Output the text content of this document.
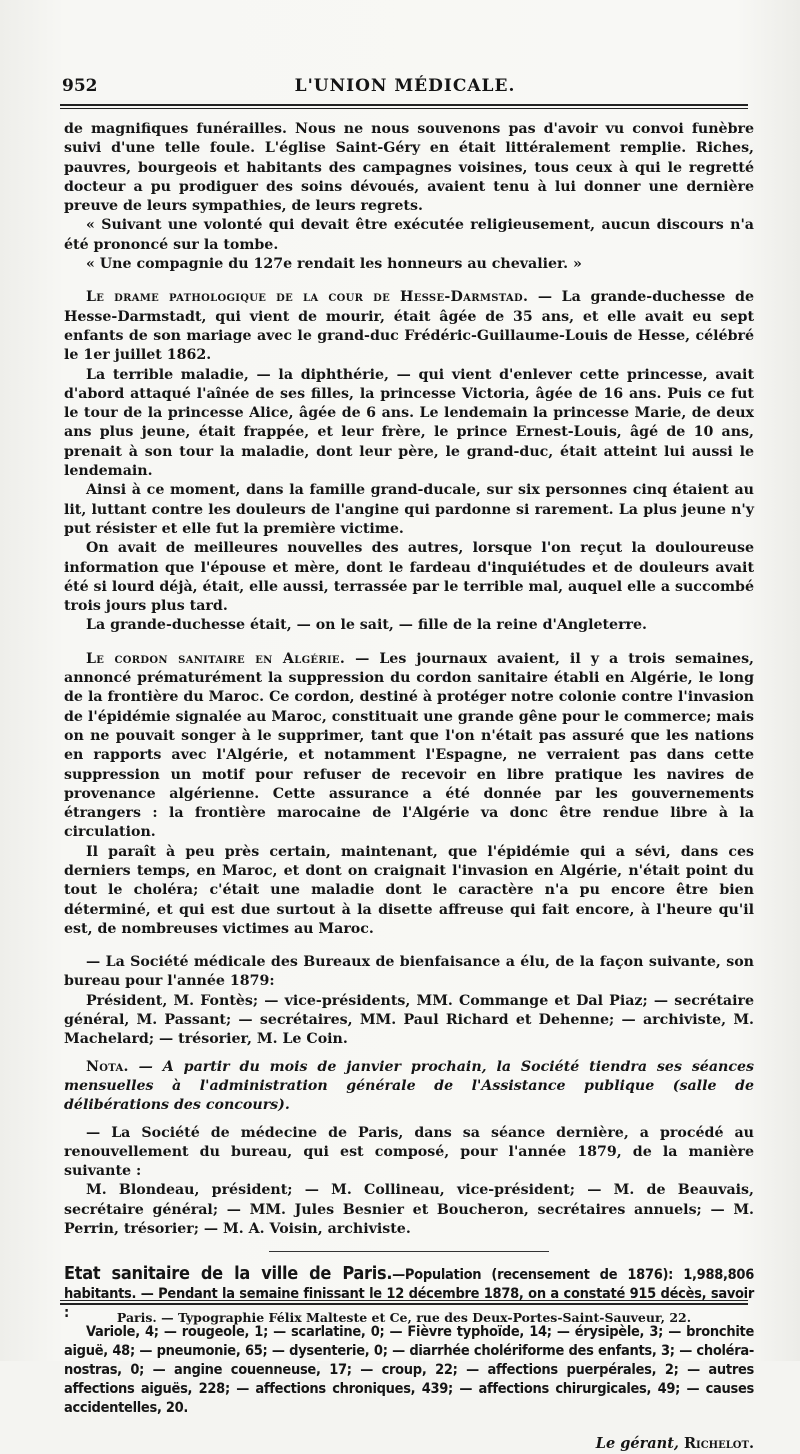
952	L'UNION MÉDICALE.

de magnifiques funérailles. Nous ne nous souvenons pas d'avoir vu convoi funèbre suivi d'une telle foule. L'église Saint-Géry en était littéralement remplie. Riches, pauvres, bourgeois et habitants des campagnes voisines, tous ceux à qui le regretté docteur a pu prodiguer des soins dévoués, avaient tenu à lui donner une dernière preuve de leurs sympathies, de leurs regrets.

« Suivant une volonté qui devait être exécutée religieusement, aucun discours n'a été prononcé sur la tombe.

« Une compagnie du 127e rendait les honneurs au chevalier. »

Le drame pathologique de la cour de Hesse-Darmstad. — La grande-duchesse de Hesse-Darmstadt, qui vient de mourir, était âgée de 35 ans, et elle avait eu sept enfants de son mariage avec le grand-duc Frédéric-Guillaume-Louis de Hesse, célébré le 1er juillet 1862.

La terrible maladie, — la diphthérie, — qui vient d'enlever cette princesse, avait d'abord attaqué l'aînée de ses filles, la princesse Victoria, âgée de 16 ans. Puis ce fut le tour de la princesse Alice, âgée de 6 ans. Le lendemain la princesse Marie, de deux ans plus jeune, était frappée, et leur frère, le prince Ernest-Louis, âgé de 10 ans, prenait à son tour la maladie, dont leur père, le grand-duc, était atteint lui aussi le lendemain.

Ainsi à ce moment, dans la famille grand-ducale, sur six personnes cinq étaient au lit, luttant contre les douleurs de l'angine qui pardonne si rarement. La plus jeune n'y put résister et elle fut la première victime.

On avait de meilleures nouvelles des autres, lorsque l'on reçut la douloureuse information que l'épouse et mère, dont le fardeau d'inquiétudes et de douleurs avait été si lourd déjà, était, elle aussi, terrassée par le terrible mal, auquel elle a succombé trois jours plus tard.

La grande-duchesse était, — on le sait, — fille de la reine d'Angleterre.

Le cordon sanitaire en Algérie. — Les journaux avaient, il y a trois semaines, annoncé prématurément la suppression du cordon sanitaire établi en Algérie, le long de la frontière du Maroc. Ce cordon, destiné à protéger notre colonie contre l'invasion de l'épidémie signalée au Maroc, constituait une grande gêne pour le commerce; mais on ne pouvait songer à le supprimer, tant que l'on n'était pas assuré que les nations en rapports avec l'Algérie, et notamment l'Espagne, ne verraient pas dans cette suppression un motif pour refuser de recevoir en libre pratique les navires de provenance algérienne. Cette assurance a été donnée par les gouvernements étrangers : la frontière marocaine de l'Algérie va donc être rendue libre à la circulation.

Il paraît à peu près certain, maintenant, que l'épidémie qui a sévi, dans ces derniers temps, en Maroc, et dont on craignait l'invasion en Algérie, n'était point du tout le choléra; c'était une maladie dont le caractère n'a pu encore être bien déterminé, et qui est due surtout à la disette affreuse qui fait encore, à l'heure qu'il est, de nombreuses victimes au Maroc.

— La Société médicale des Bureaux de bienfaisance a élu, de la façon suivante, son bureau pour l'année 1879:

Président, M. Fontès; — vice-présidents, MM. Commange et Dal Piaz; — secrétaire général, M. Passant; — secrétaires, MM. Paul Richard et Dehenne; — archiviste, M. Machelard; — trésorier, M. Le Coin.

Nota. — A partir du mois de janvier prochain, la Société tiendra ses séances mensuelles à l'administration générale de l'Assistance publique (salle de délibérations des concours).

— La Société de médecine de Paris, dans sa séance dernière, a procédé au renouvellement du bureau, qui est composé, pour l'année 1879, de la manière suivante :

M. Blondeau, président; — M. Collineau, vice-président; — M. de Beauvais, secrétaire général; — MM. Jules Besnier et Boucheron, secrétaires annuels; — M. Perrin, trésorier; — M. A. Voisin, archiviste.

Etat sanitaire de la ville de Paris.—Population (recensement de 1876): 1,988,806 habitants. — Pendant la semaine finissant le 12 décembre 1878, on a constaté 915 décès, savoir :

Variole, 4; — rougeole, 1; — scarlatine, 0; — Fièvre typhoïde, 14; — érysipèle, 3; — bronchite aiguë, 48; — pneumonie, 65; — dysenterie, 0; — diarrhée cholériforme des enfants, 3; — choléra-nostras, 0; — angine couenneuse, 17; — croup, 22; — affections puerpérales, 2; — autres affections aiguës, 228; — affections chroniques, 439; — affections chirurgicales, 49; — causes accidentelles, 20.

Le gérant, Richelot.
Paris. — Typographie Félix Malteste et Ce, rue des Deux-Portes-Saint-Sauveur, 22.
